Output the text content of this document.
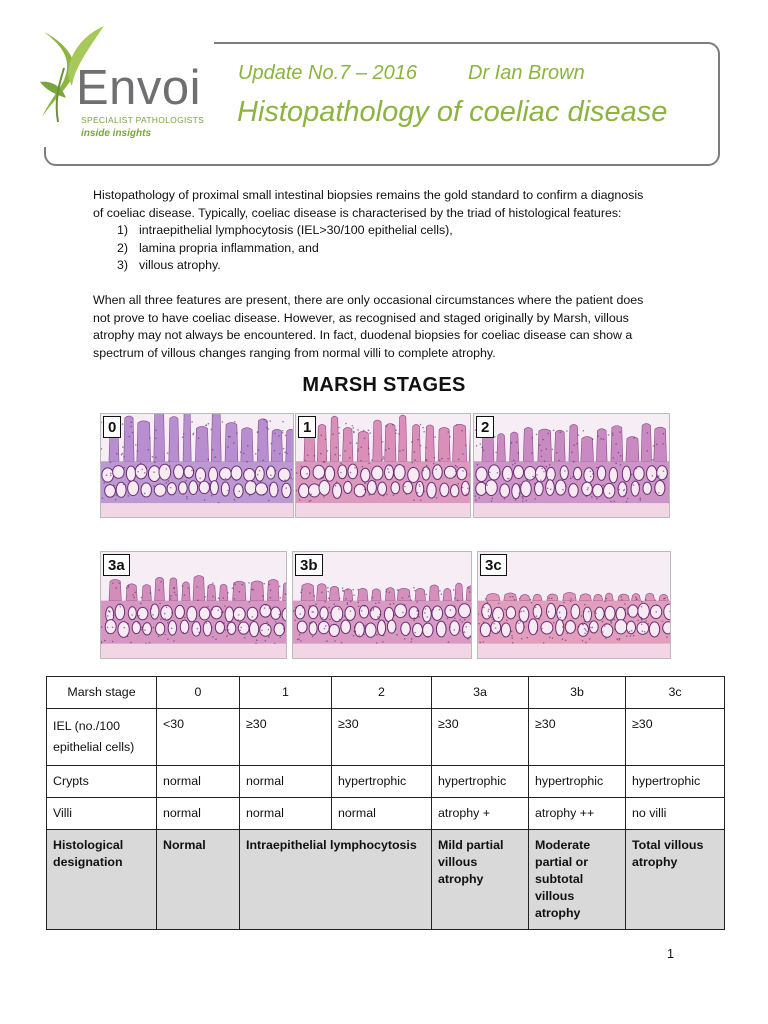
Envoi
SPECIALIST PATHOLOGISTS
inside insights
Update No.7 – 2016	Dr Ian Brown
Histopathology of coeliac disease

Histopathology of proximal small intestinal biopsies remains the gold standard to confirm a diagnosis

of coeliac disease. Typically, coeliac disease is characterised by the triad of histological features:

1) intraepithelial lymphocytosis (IEL>30/100 epithelial cells),
2) lamina propria inflammation, and
3) villous atrophy.

When all three features are present, there are only occasional circumstances where the patient does

not prove to have coeliac disease. However, as recognised and staged originally by Marsh, villous

atrophy may not always be encountered. In fact, duodenal biopsies for coeliac disease can show a

spectrum of villous changes ranging from normal villi to complete atrophy.

MARSH STAGES
0	1	2
3a	3b	3c
Marsh stage	0	1	2	3a	3b	3c
IEL (no./100 epithelial cells)	<30	≥30	≥30	≥30	≥30	≥30
Crypts	normal	normal	hypertrophic	hypertrophic	hypertrophic	hypertrophic
Villi	normal	normal	normal	atrophy +	atrophy ++	no villi
Histological designation	Normal	Intraepithelial lymphocytosis		Mild partial villous atrophy	Moderate partial or subtotal villous atrophy	Total villous atrophy
1
